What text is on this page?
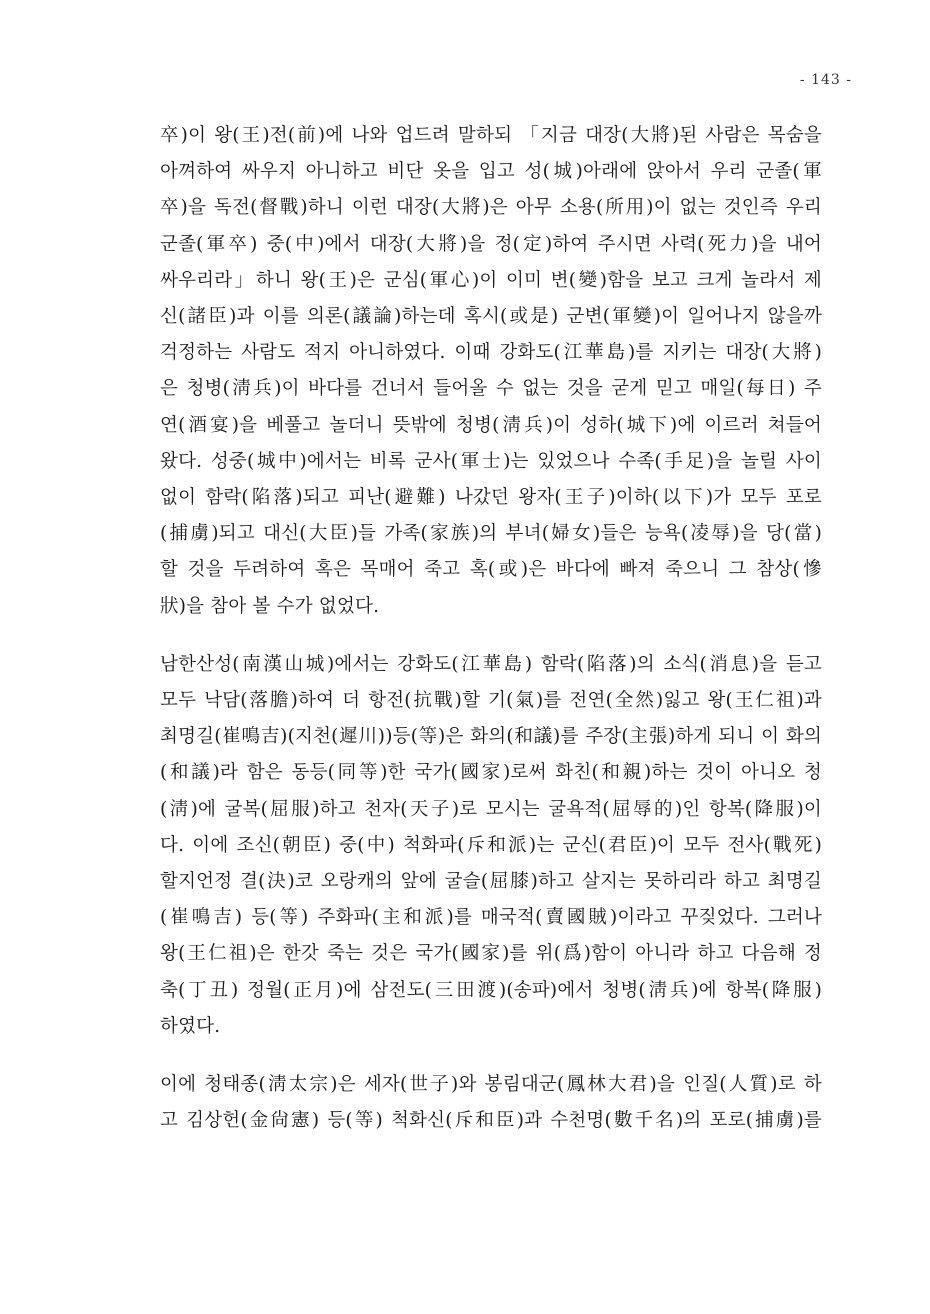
- 143 -
卒)이 왕(王)전(前)에 나와 업드려 말하되 「지금 대장(大將)된 사람은 목숨을
아껴하여 싸우지 아니하고 비단 옷을 입고 성(城)아래에 앉아서 우리 군졸(軍
卒)을 독전(督戰)하니 이런 대장(大將)은 아무 소용(所用)이 없는 것인즉 우리
군졸(軍卒) 중(中)에서 대장(大將)을 정(定)하여 주시면 사력(死力)을 내어
싸우리라」하니 왕(王)은 군심(軍心)이 이미 변(變)함을 보고 크게 놀라서 제
신(諸臣)과 이를 의론(議論)하는데 혹시(或是) 군변(軍變)이 일어나지 않을까
걱정하는 사람도 적지 아니하였다. 이때 강화도(江華島)를 지키는 대장(大將)
은 청병(淸兵)이 바다를 건너서 들어올 수 없는 것을 굳게 믿고 매일(每日) 주
연(酒宴)을 베풀고 놀더니 뜻밖에 청병(淸兵)이 성하(城下)에 이르러 쳐들어
왔다. 성중(城中)에서는 비록 군사(軍士)는 있었으나 수족(手足)을 놀릴 사이
없이 함락(陷落)되고 피난(避難) 나갔던 왕자(王子)이하(以下)가 모두 포로
(捕虜)되고 대신(大臣)들 가족(家族)의 부녀(婦女)들은 능욕(凌辱)을 당(當)
할 것을 두려하여 혹은 목매어 죽고 혹(或)은 바다에 빠져 죽으니 그 참상(慘
狀)을 참아 볼 수가 없었다.
남한산성(南漢山城)에서는 강화도(江華島) 함락(陷落)의 소식(消息)을 듣고
모두 낙담(落膽)하여 더 항전(抗戰)할 기(氣)를 전연(全然)잃고 왕(王仁祖)과
최명길(崔鳴吉)(지천(遲川))등(等)은 화의(和議)를 주장(主張)하게 되니 이 화의
(和議)라 함은 동등(同等)한 국가(國家)로써 화친(和親)하는 것이 아니오 청
(淸)에 굴복(屈服)하고 천자(天子)로 모시는 굴욕적(屈辱的)인 항복(降服)이
다. 이에 조신(朝臣) 중(中) 척화파(斥和派)는 군신(君臣)이 모두 전사(戰死)
할지언정 결(決)코 오랑캐의 앞에 굴슬(屈膝)하고 살지는 못하리라 하고 최명길
(崔鳴吉) 등(等) 주화파(主和派)를 매국적(賣國賊)이라고 꾸짖었다. 그러나
왕(王仁祖)은 한갓 죽는 것은 국가(國家)를 위(爲)함이 아니라 하고 다음해 정
축(丁丑) 정월(正月)에 삼전도(三田渡)(송파)에서 청병(淸兵)에 항복(降服)
하였다.
이에 청태종(淸太宗)은 세자(世子)와 봉림대군(鳳林大君)을 인질(人質)로 하
고 김상헌(金尙憲) 등(等) 척화신(斥和臣)과 수천명(數千名)의 포로(捕虜)를
